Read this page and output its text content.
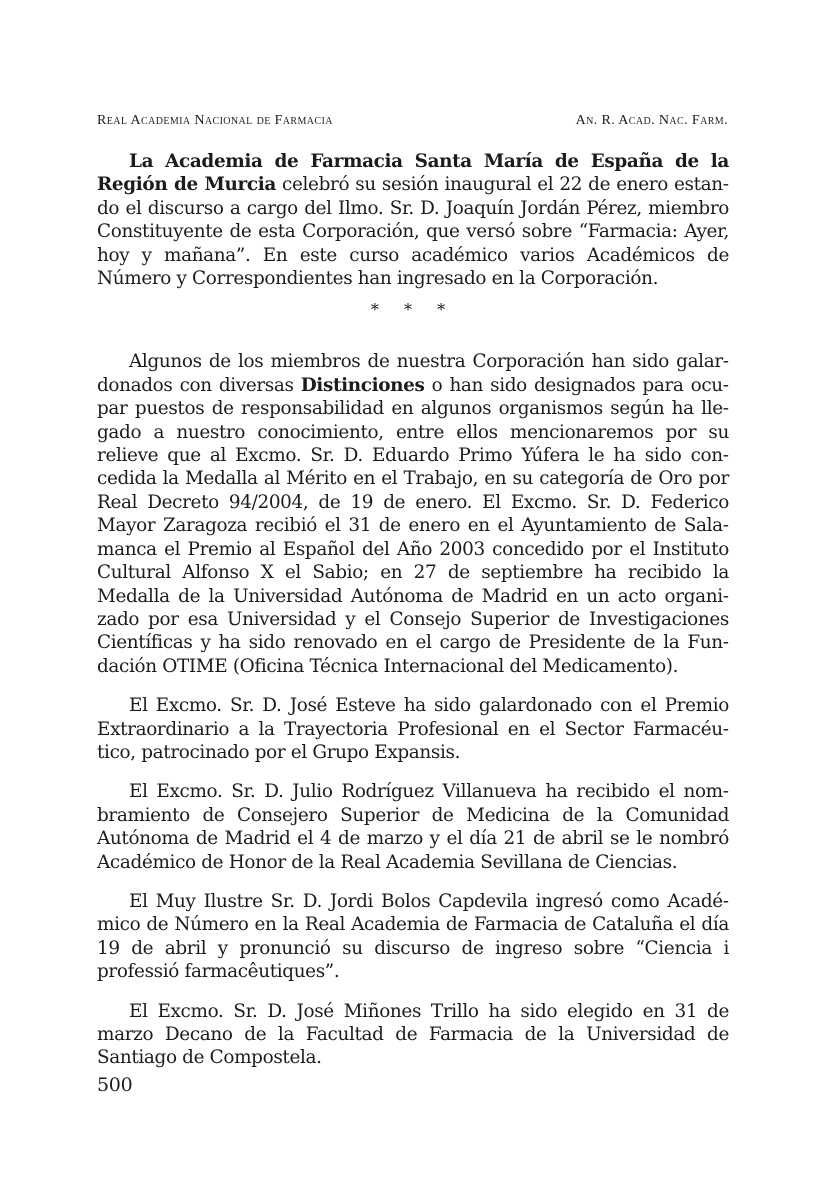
Real Academia Nacional de Farmacia	An. R. Acad. Nac. Farm.

La Academia de Farmacia Santa María de España de la Región de Murcia celebró su sesión inaugural el 22 de enero estando el discurso a cargo del Ilmo. Sr. D. Joaquín Jordán Pérez, miembro Constituyente de esta Corporación, que versó sobre “Farmacia: Ayer, hoy y mañana”. En este curso académico varios Académicos de Número y Correspondientes han ingresado en la Corporación.

* * *

Algunos de los miembros de nuestra Corporación han sido galardonados con diversas Distinciones o han sido designados para ocupar puestos de responsabilidad en algunos organismos según ha llegado a nuestro conocimiento, entre ellos mencionaremos por su relieve que al Excmo. Sr. D. Eduardo Primo Yúfera le ha sido concedida la Medalla al Mérito en el Trabajo, en su categoría de Oro por Real Decreto 94/2004, de 19 de enero. El Excmo. Sr. D. Federico Mayor Zaragoza recibió el 31 de enero en el Ayuntamiento de Salamanca el Premio al Español del Año 2003 concedido por el Instituto Cultural Alfonso X el Sabio; en 27 de septiembre ha recibido la Medalla de la Universidad Autónoma de Madrid en un acto organizado por esa Universidad y el Consejo Superior de Investigaciones Científicas y ha sido renovado en el cargo de Presidente de la Fundación OTIME (Oficina Técnica Internacional del Medicamento).

El Excmo. Sr. D. José Esteve ha sido galardonado con el Premio Extraordinario a la Trayectoria Profesional en el Sector Farmacéutico, patrocinado por el Grupo Expansis.

El Excmo. Sr. D. Julio Rodríguez Villanueva ha recibido el nombramiento de Consejero Superior de Medicina de la Comunidad Autónoma de Madrid el 4 de marzo y el día 21 de abril se le nombró Académico de Honor de la Real Academia Sevillana de Ciencias.

El Muy Ilustre Sr. D. Jordi Bolos Capdevila ingresó como Académico de Número en la Real Academia de Farmacia de Cataluña el día 19 de abril y pronunció su discurso de ingreso sobre “Ciencia i professió farmacêutiques”.

El Excmo. Sr. D. José Miñones Trillo ha sido elegido en 31 de marzo Decano de la Facultad de Farmacia de la Universidad de Santiago de Compostela.

500
